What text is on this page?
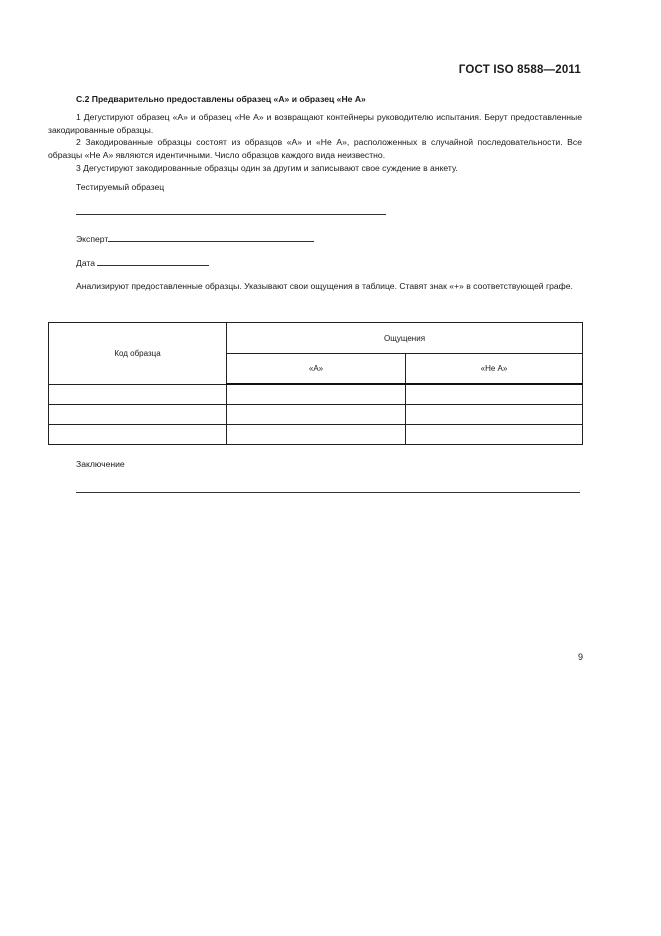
ГОСТ ISO 8588—2011
С.2 Предварительно предоставлены образец «А» и образец «Не А»

1 Дегустируют образец «А» и образец «Не А» и возвращают контейнеры руководителю испытания. Берут предоставленные закодированные образцы.

2 Закодированные образцы состоят из образцов «А» и «Не А», расположенных в случайной последовательности. Все образцы «Не А» являются идентичными. Число образцов каждого вида неизвестно.

3 Дегустируют закодированные образцы один за другим и записывают свое суждение в анкету.

Тестируемый образец
Эксперт
Дата

Анализируют предоставленные образцы. Указывают свои ощущения в таблице. Ставят знак «+» в соответствующей графе.

Код образца	Ощущения	
	«А»	«Не А»

Заключение
9
